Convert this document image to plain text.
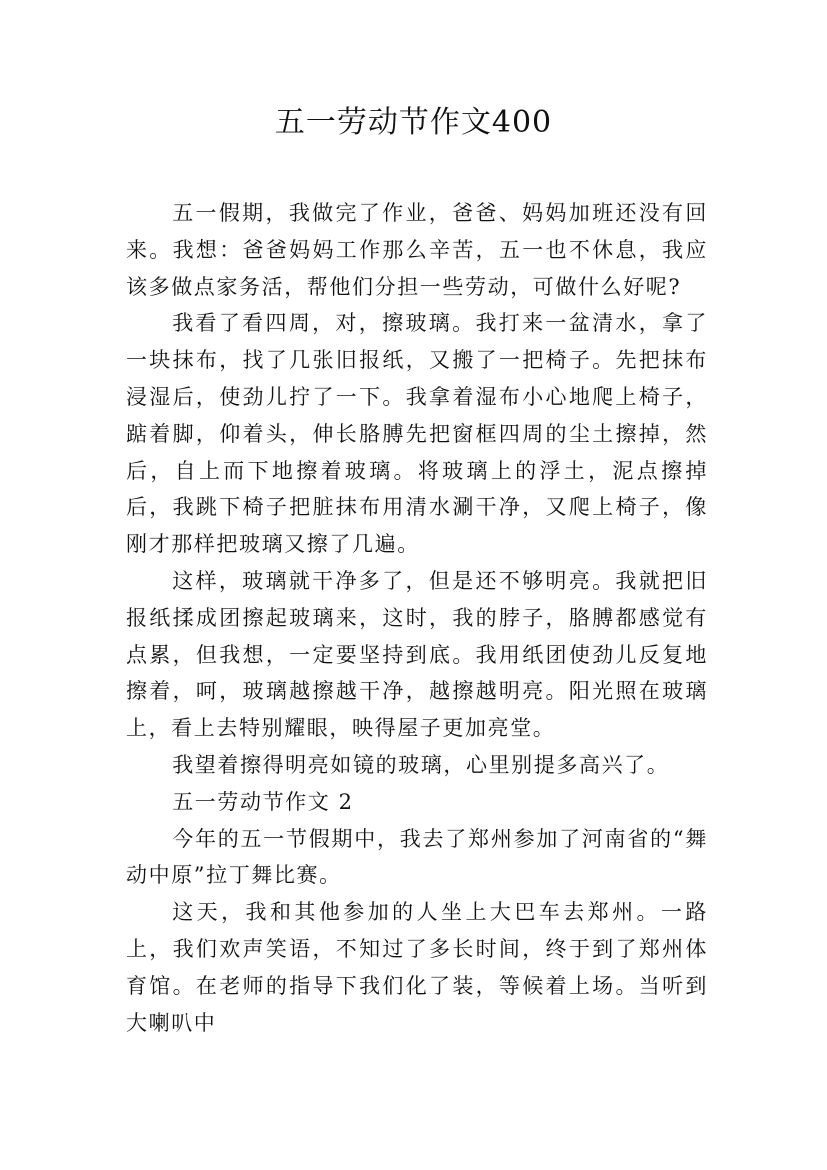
五一劳动节作文400

五一假期，我做完了作业，爸爸、妈妈加班还没有回来。我想：爸爸妈妈工作那么辛苦，五一也不休息，我应该多做点家务活，帮他们分担一些劳动，可做什么好呢?

我看了看四周，对，擦玻璃。我打来一盆清水，拿了一块抹布，找了几张旧报纸，又搬了一把椅子。先把抹布浸湿后，使劲儿拧了一下。我拿着湿布小心地爬上椅子，踮着脚，仰着头，伸长胳膊先把窗框四周的尘土擦掉，然后，自上而下地擦着玻璃。将玻璃上的浮土，泥点擦掉后，我跳下椅子把脏抹布用清水涮干净，又爬上椅子，像刚才那样把玻璃又擦了几遍。

这样，玻璃就干净多了，但是还不够明亮。我就把旧报纸揉成团擦起玻璃来，这时，我的脖子，胳膊都感觉有点累，但我想，一定要坚持到底。我用纸团使劲儿反复地擦着，呵，玻璃越擦越干净，越擦越明亮。阳光照在玻璃上，看上去特别耀眼，映得屋子更加亮堂。

我望着擦得明亮如镜的玻璃，心里别提多高兴了。

五一劳动节作文 2

今年的五一节假期中，我去了郑州参加了河南省的“舞动中原”拉丁舞比赛。

这天，我和其他参加的人坐上大巴车去郑州。一路上，我们欢声笑语，不知过了多长时间，终于到了郑州体育馆。在老师的指导下我们化了装，等候着上场。当听到大喇叭中
